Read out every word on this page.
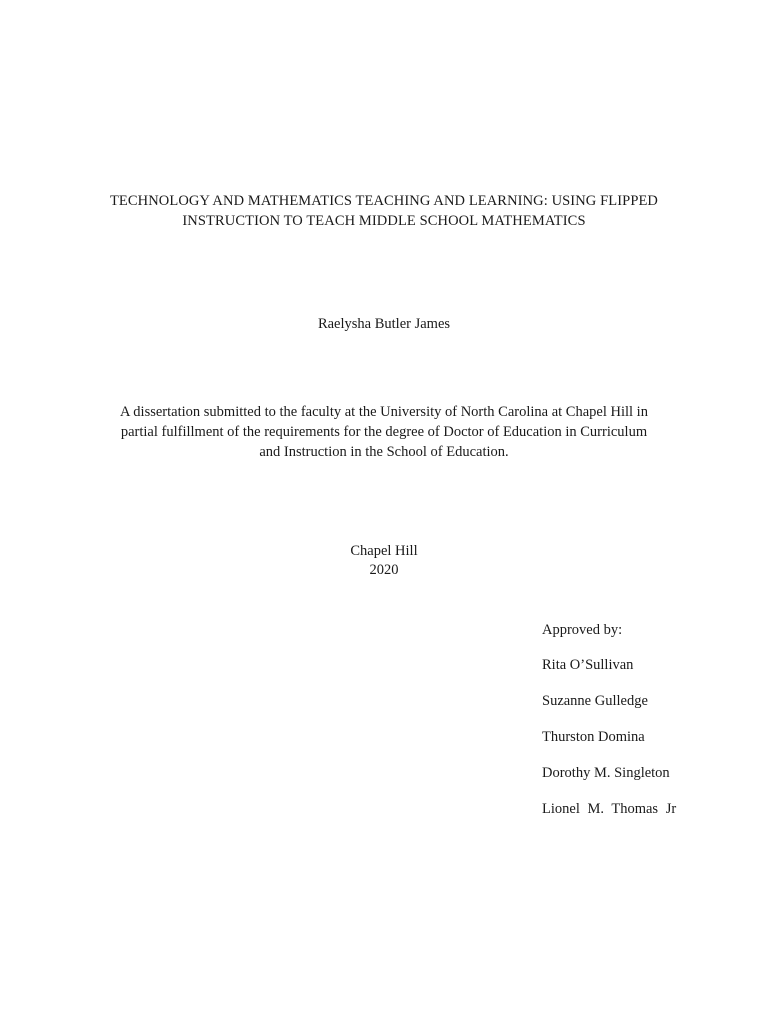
TECHNOLOGY AND MATHEMATICS TEACHING AND LEARNING: USING FLIPPED
INSTRUCTION TO TEACH MIDDLE SCHOOL MATHEMATICS
Raelysha Butler James
A dissertation submitted to the faculty at the University of North Carolina at Chapel Hill in
partial fulfillment of the requirements for the degree of Doctor of Education in Curriculum
and Instruction in the School of Education.
Chapel Hill
2020
Approved by:
Rita O’Sullivan
Suzanne Gulledge
Thurston Domina
Dorothy M. Singleton
Lionel M. Thomas Jr
